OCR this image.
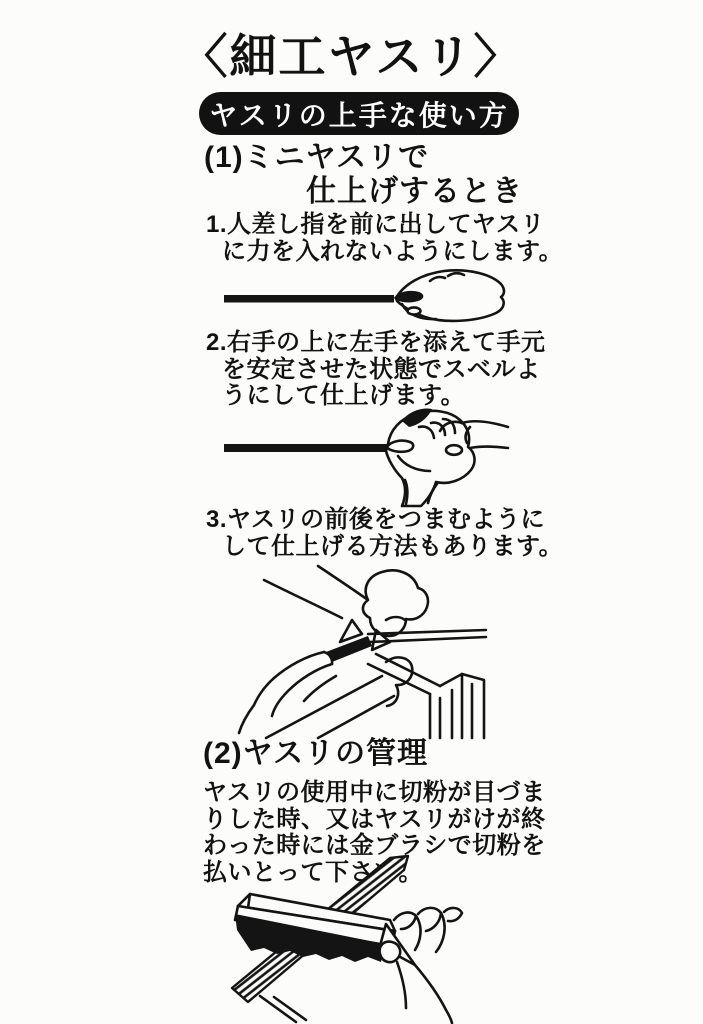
〈細工ヤスリ〉
ヤスリの上手な使い方
(1)ミニヤスリで
仕上げするとき
1.人差し指を前に出してヤスリ
に力を入れないようにします。
2.右手の上に左手を添えて手元
を安定させた状態でスベルよ
うにして仕上げます。
3.ヤスリの前後をつまむように
して仕上げる方法もあります。
(2)ヤスリの管理
ヤスリの使用中に切粉が目づま
りした時、又はヤスリがけが終
わった時には金ブラシで切粉を
払いとって下さい。
